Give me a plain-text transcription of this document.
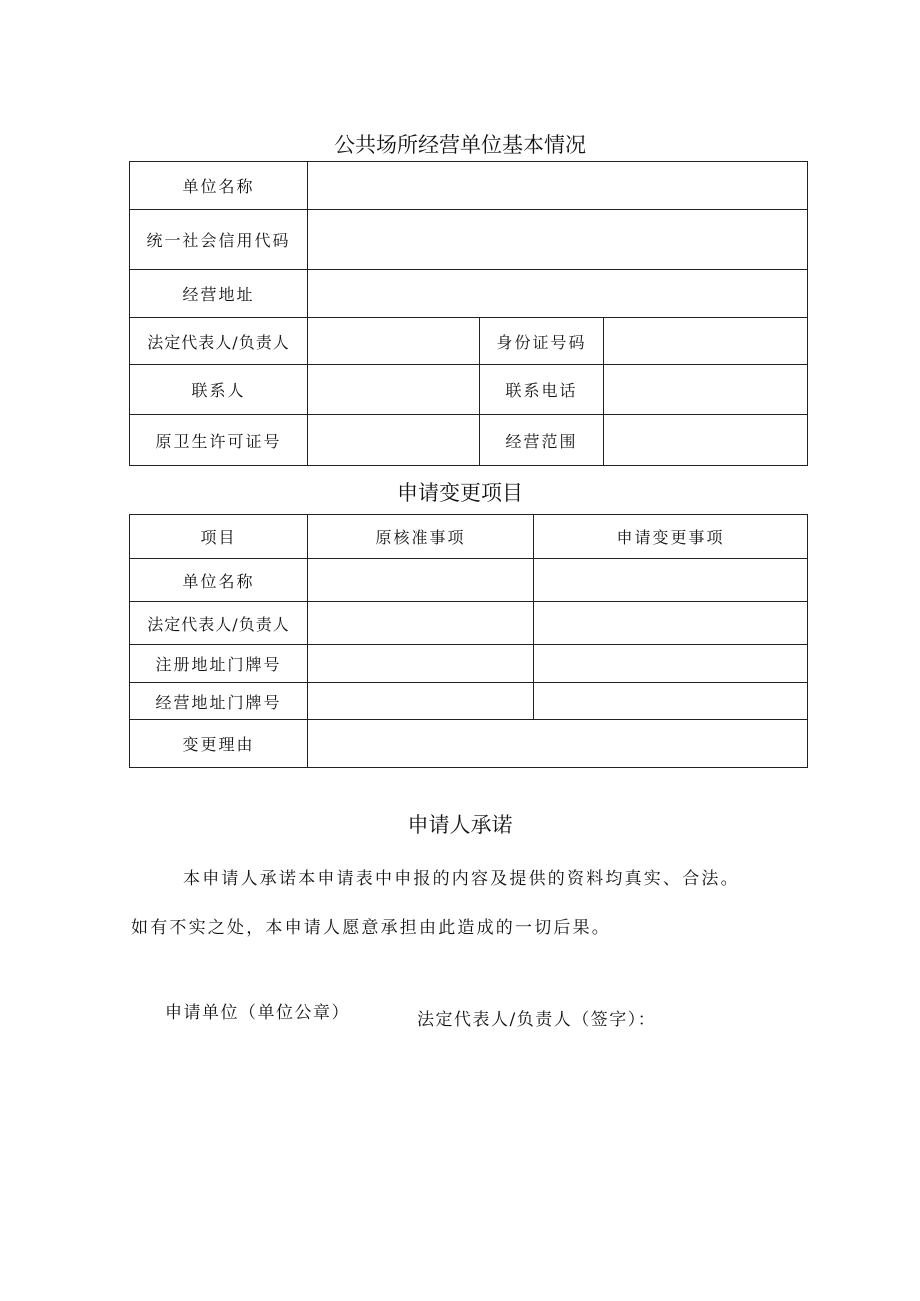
公共场所经营单位基本情况
单位名称			
统一社会信用代码			
经营地址			
法定代表人/负责人		身份证号码	
联系人		联系电话	
原卫生许可证号		经营范围	
申请变更项目
项目	原核准事项	申请变更事项
单位名称		
法定代表人/负责人		
注册地址门牌号		
经营地址门牌号		
变更理由		
申请人承诺
本申请人承诺本申请表中申报的内容及提供的资料均真实、合法。
如有不实之处，本申请人愿意承担由此造成的一切后果。
申请单位（单位公章）	法定代表人/负责人（签字）：
